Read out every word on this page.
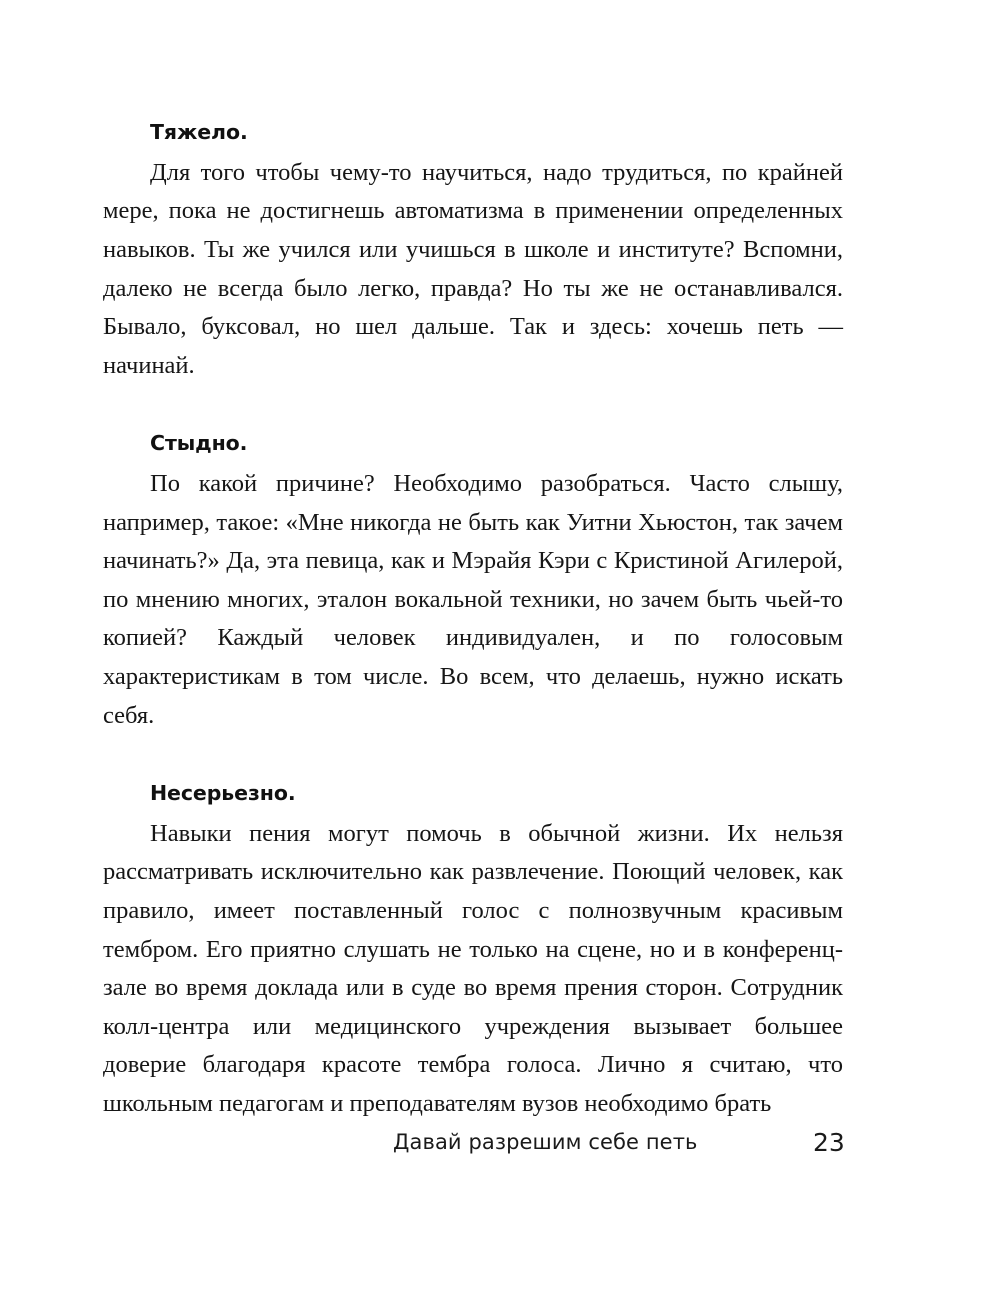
Тяжело.

Для того чтобы чему-то научиться, надо трудиться, по крайней мере, пока не достигнешь автоматизма в применении определенных навыков. Ты же учился или учишься в школе и институте? Вспомни, далеко не всегда было легко, правда? Но ты же не останавливался. Бывало, буксовал, но шел дальше. Так и здесь: хочешь петь — начинай.

Стыдно.

По какой причине? Необходимо разобраться. Часто слышу, например, такое: «Мне никогда не быть как Уитни Хьюстон, так зачем начинать?» Да, эта певица, как и Мэрайя Кэри с Кристиной Агилерой, по мнению многих, эталон вокальной техники, но зачем быть чьей-то копией? Каждый человек индивидуален, и по голосовым характеристикам в том числе. Во всем, что делаешь, нужно искать себя.

Несерьезно.

Навыки пения могут помочь в обычной жизни. Их нельзя рассматривать исключительно как развлечение. Поющий человек, как правило, имеет поставленный голос с полнозвучным красивым тембром. Его приятно слушать не только на сцене, но и в конференц-зале во время доклада или в суде во время прения сторон. Сотрудник колл-центра или медицинского учреждения вызывает большее доверие благодаря красоте тембра голоса. Лично я считаю, что школьным педагогам и преподавателям вузов необходимо брать

Давай разрешим себе петь	23
